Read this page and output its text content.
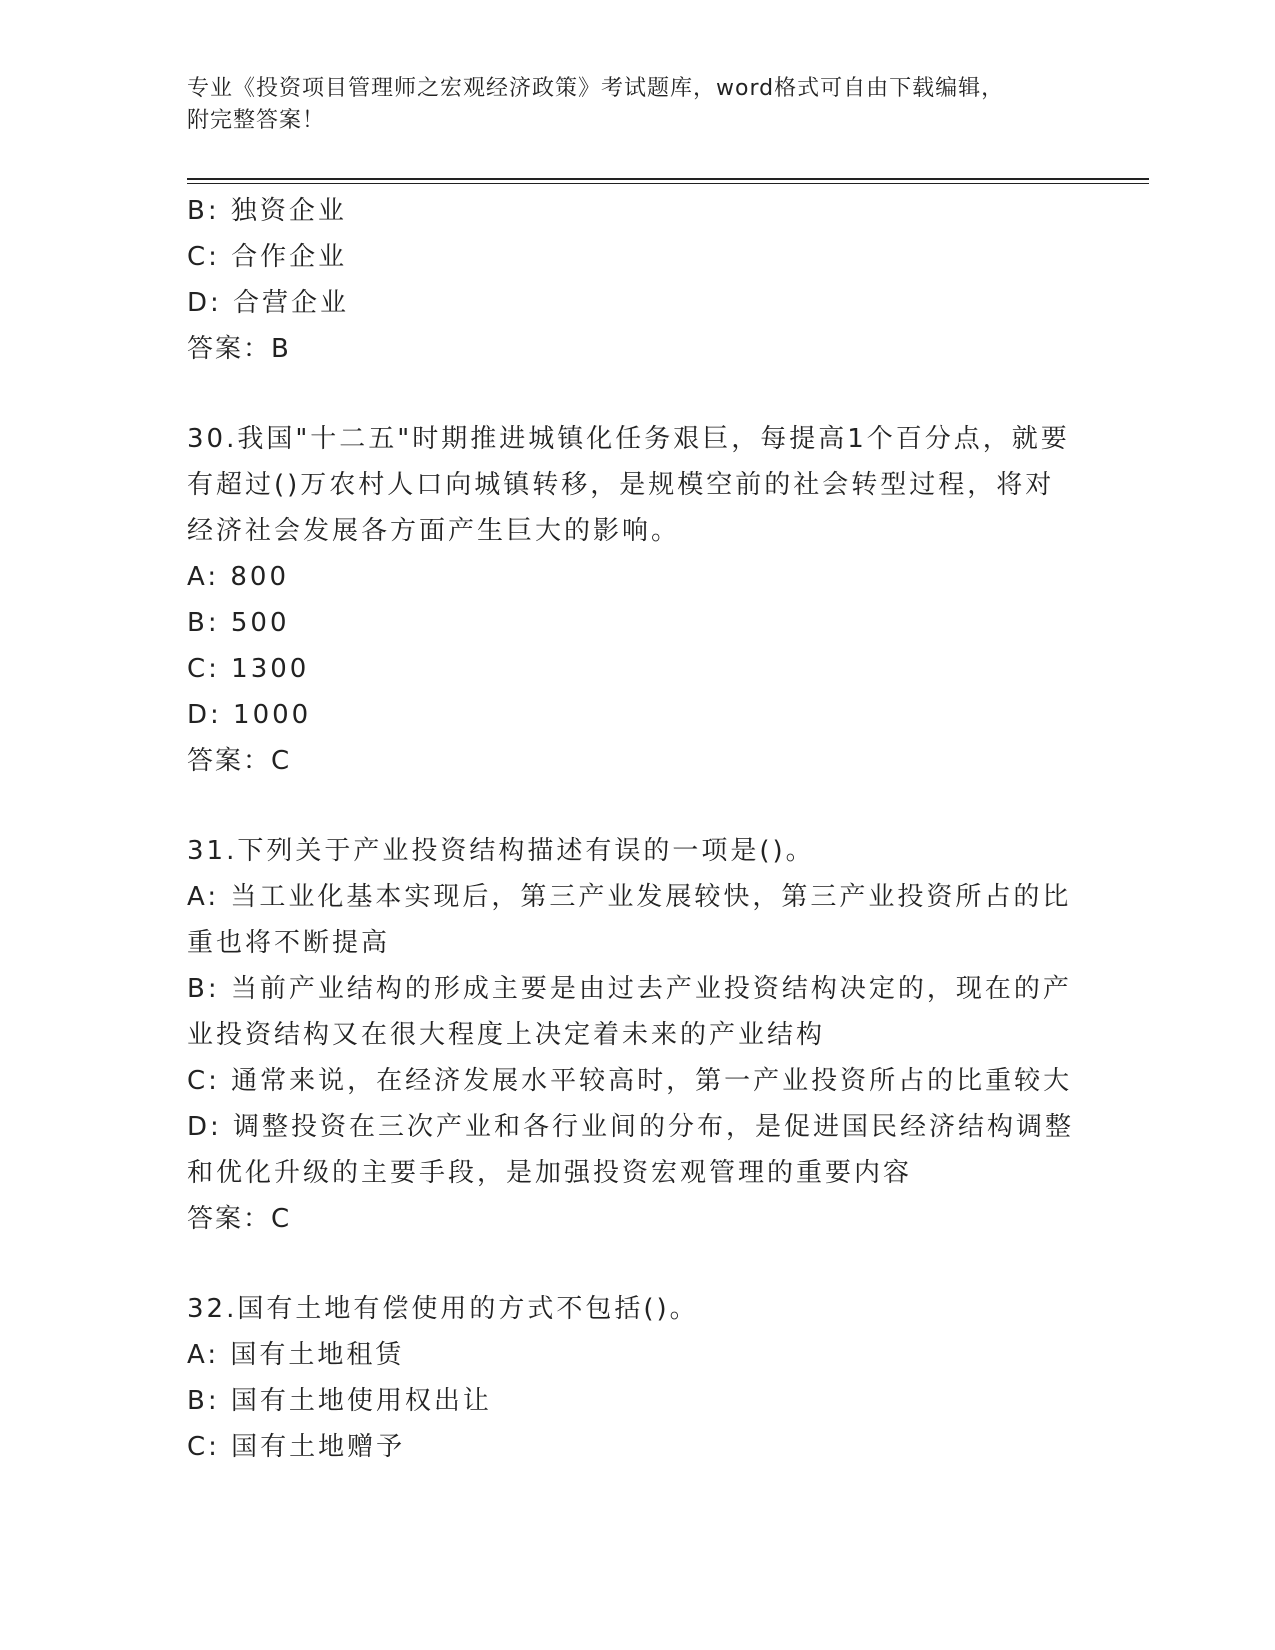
专业《投资项目管理师之宏观经济政策》考试题库，word格式可自由下载编辑，
附完整答案！
B: 独资企业
C: 合作企业
D: 合营企业
答案：B
30.我国"十二五"时期推进城镇化任务艰巨，每提高1个百分点，就要
有超过()万农村人口向城镇转移，是规模空前的社会转型过程，将对
经济社会发展各方面产生巨大的影响。
A: 800
B: 500
C: 1300
D: 1000
答案：C
31.下列关于产业投资结构描述有误的一项是()。
A: 当工业化基本实现后，第三产业发展较快，第三产业投资所占的比
重也将不断提高
B: 当前产业结构的形成主要是由过去产业投资结构决定的，现在的产
业投资结构又在很大程度上决定着未来的产业结构
C: 通常来说，在经济发展水平较高时，第一产业投资所占的比重较大
D: 调整投资在三次产业和各行业间的分布，是促进国民经济结构调整
和优化升级的主要手段，是加强投资宏观管理的重要内容
答案：C
32.国有土地有偿使用的方式不包括()。
A: 国有土地租赁
B: 国有土地使用权出让
C: 国有土地赠予
